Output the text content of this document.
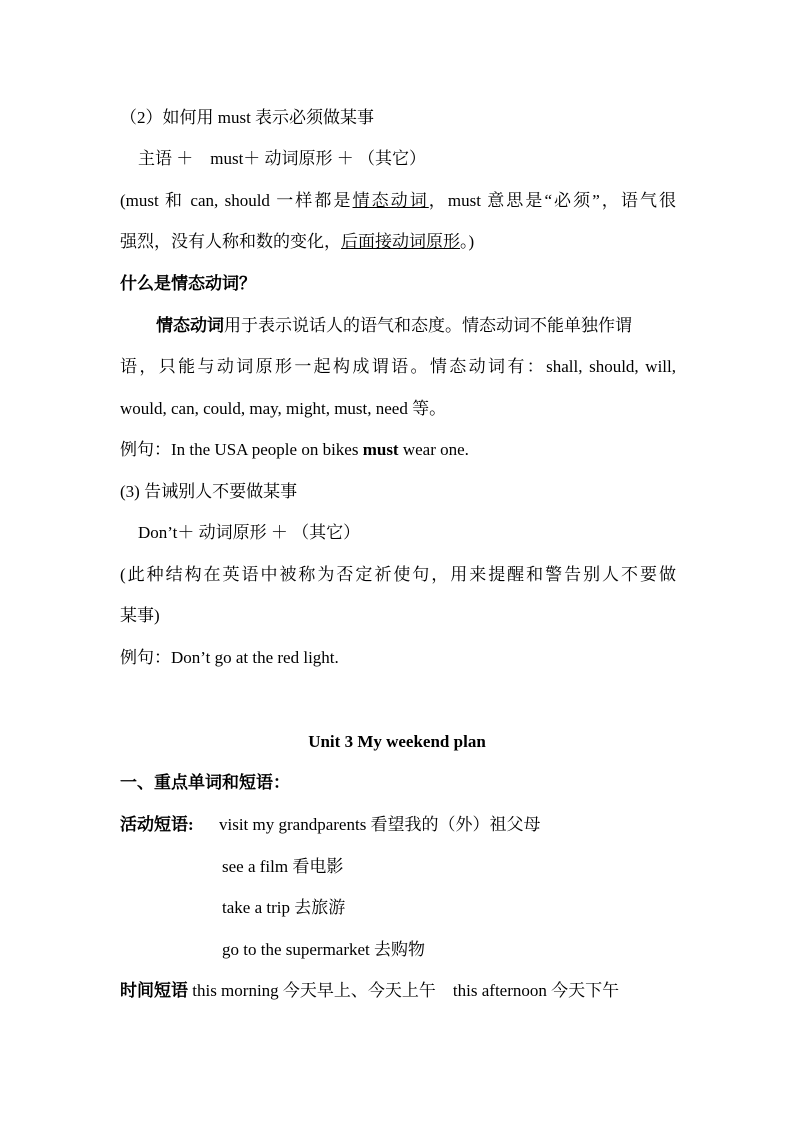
（2）如何用 must 表示必须做某事
主语 ＋　must＋ 动词原形 ＋ （其它）
(must 和 can, should 一样都是情态动词，must 意思是“必须”，语气很
强烈，没有人称和数的变化，后面接动词原形。)
什么是情态动词？
情态动词用于表示说话人的语气和态度。情态动词不能单独作谓
语，只能与动词原形一起构成谓语。情态动词有：shall, should, will,
would, can, could, may, might, must, need 等。
例句：In the USA people on bikes must wear one.
(3) 告诫别人不要做某事
Don’t＋ 动词原形 ＋ （其它）
(此种结构在英语中被称为否定祈使句，用来提醒和警告别人不要做
某事)
例句：Don’t go at the red light.
Unit 3 My weekend plan
一、重点单词和短语：
活动短语: visit my grandparents 看望我的（外）祖父母
see a film 看电影
take a trip 去旅游
go to the supermarket 去购物
时间短语 this morning 今天早上、今天上午　this afternoon 今天下午
